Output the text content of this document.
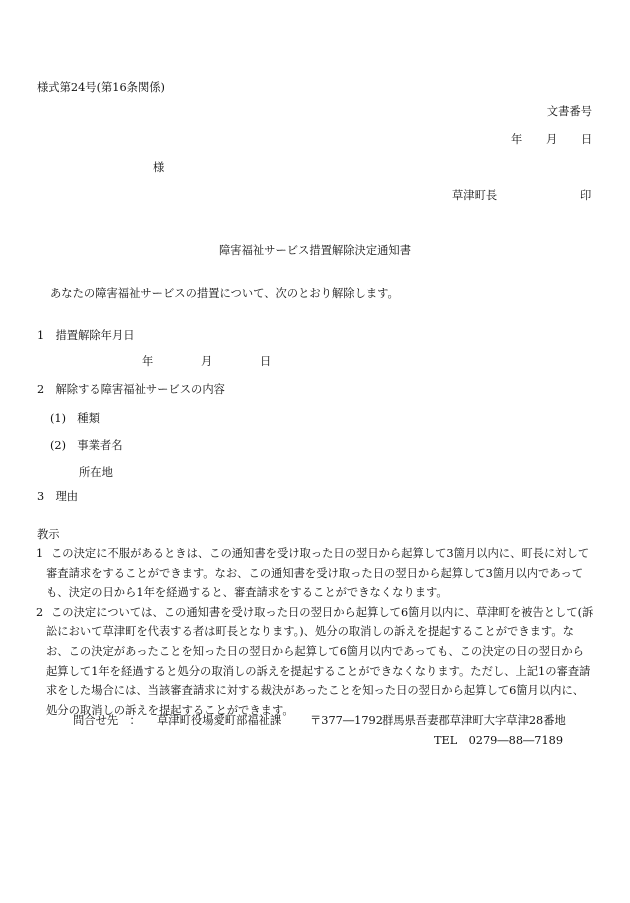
様式第24号(第16条関係)
文書番号
年 月 日
様
草津町長	印
障害福祉サービス措置解除決定通知書
あなたの障害福祉サービスの措置について、次のとおり解除します。
1　措置解除年月日
年	月	日
2　解除する障害福祉サービスの内容
(1)　種類
(2)　事業者名
所在地
3　理由
教示

1 この決定に不服があるときは、この通知書を受け取った日の翌日から起算して3箇月以内に、町長に対して審査請求をすることができます。なお、この通知書を受け取った日の翌日から起算して3箇月以内であっても、決定の日から1年を経過すると、審査請求をすることができなくなります。

2 この決定については、この通知書を受け取った日の翌日から起算して6箇月以内に、草津町を被告として(訴訟において草津町を代表する者は町長となります。)、処分の取消しの訴えを提起することができます。なお、この決定があったことを知った日の翌日から起算して6箇月以内であっても、この決定の日の翌日から起算して1年を経過すると処分の取消しの訴えを提起することができなくなります。ただし、上記1の審査請求をした場合には、当該審査請求に対する裁決があったことを知った日の翌日から起算して6箇月以内に、処分の取消しの訴えを提起することができます。

問合せ先　： 草津町役場愛町部福祉課	〒377―1792 群馬県吾妻郡草津町大字草津28番地
TEL　0279―88―7189
